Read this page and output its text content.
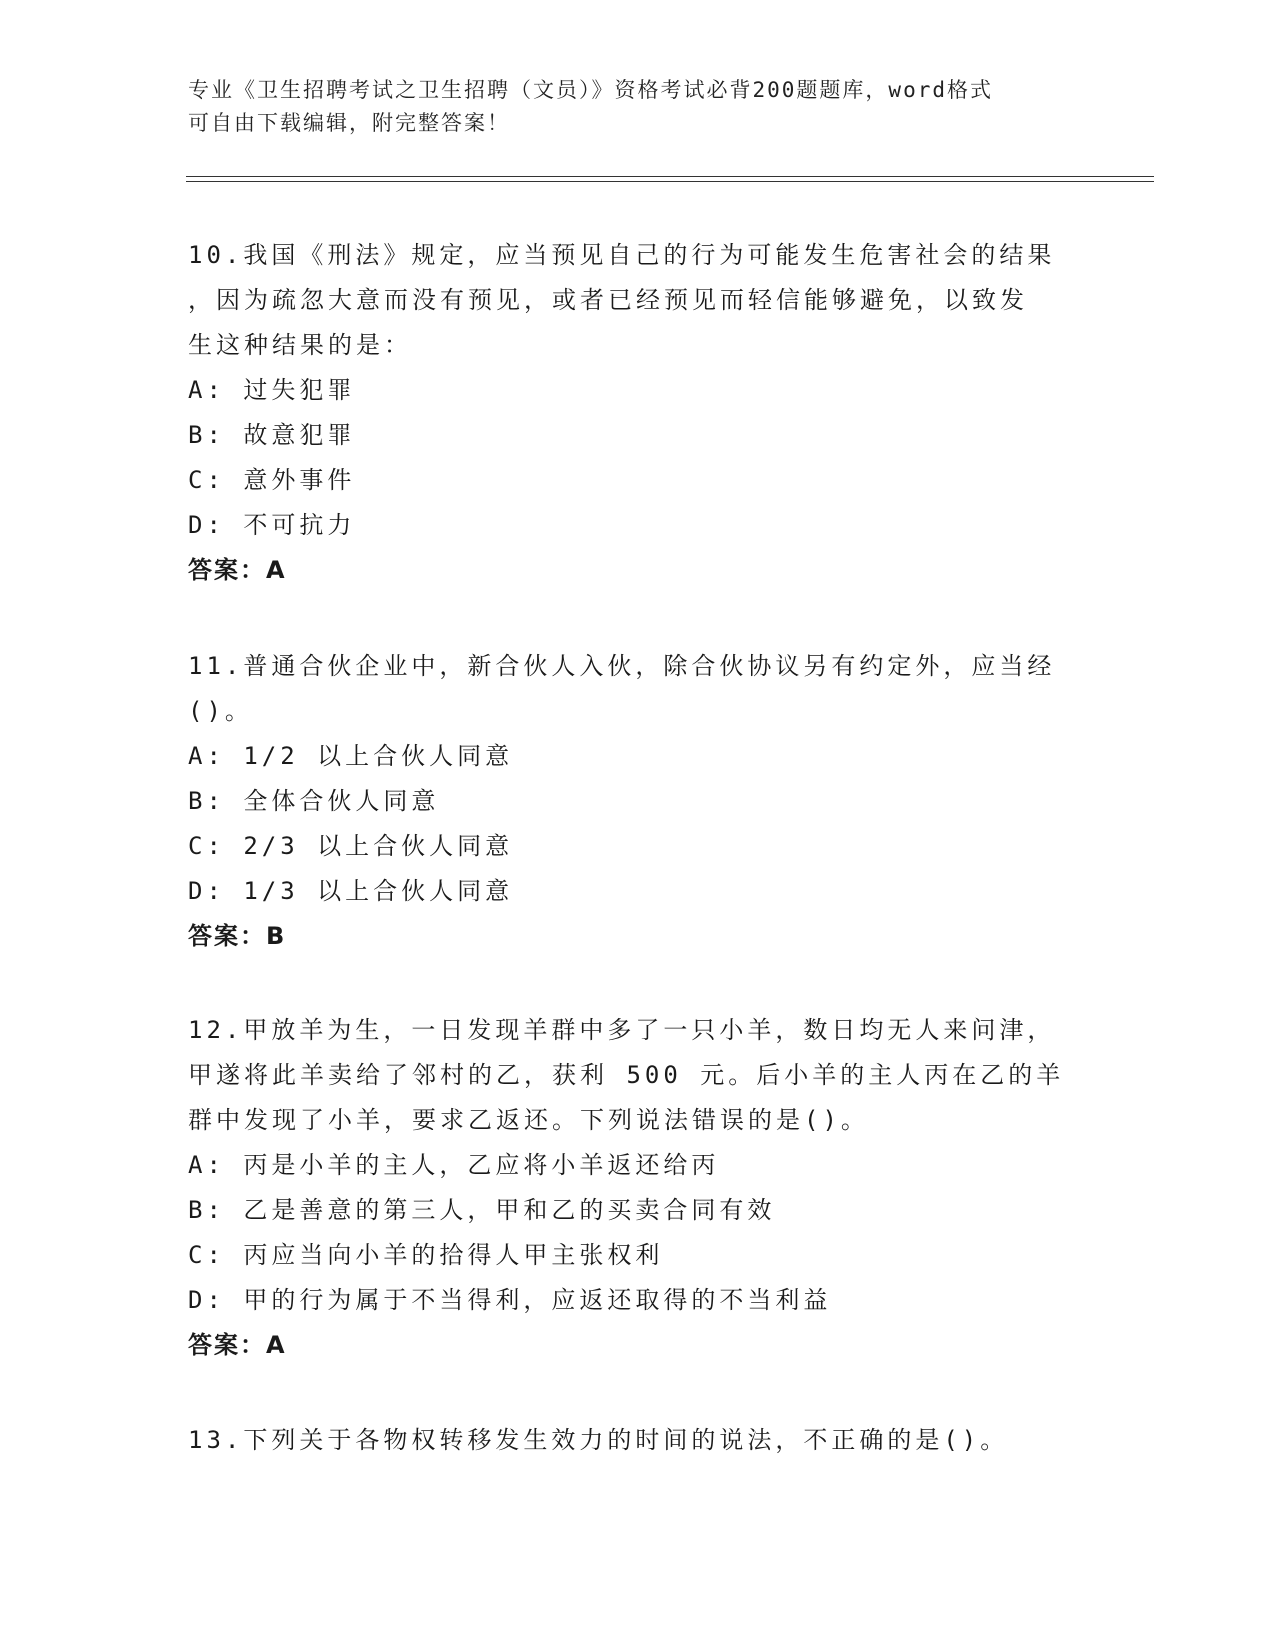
专业《卫生招聘考试之卫生招聘（文员）》资格考试必背200题题库，word格式
可自由下载编辑，附完整答案！

10.我国《刑法》规定，应当预见自己的行为可能发生危害社会的结果

，因为疏忽大意而没有预见，或者已经预见而轻信能够避免，以致发

生这种结果的是：

A: 过失犯罪

B: 故意犯罪

C: 意外事件

D: 不可抗力

答案：A

11.普通合伙企业中，新合伙人入伙，除合伙协议另有约定外，应当经

()。

A: 1/2 以上合伙人同意

B: 全体合伙人同意

C: 2/3 以上合伙人同意

D: 1/3 以上合伙人同意

答案：B

12.甲放羊为生，一日发现羊群中多了一只小羊，数日均无人来问津，

甲遂将此羊卖给了邻村的乙，获利 500 元。后小羊的主人丙在乙的羊

群中发现了小羊，要求乙返还。下列说法错误的是()。

A: 丙是小羊的主人，乙应将小羊返还给丙

B: 乙是善意的第三人，甲和乙的买卖合同有效

C: 丙应当向小羊的拾得人甲主张权利

D: 甲的行为属于不当得利，应返还取得的不当利益

答案：A

13.下列关于各物权转移发生效力的时间的说法，不正确的是()。
